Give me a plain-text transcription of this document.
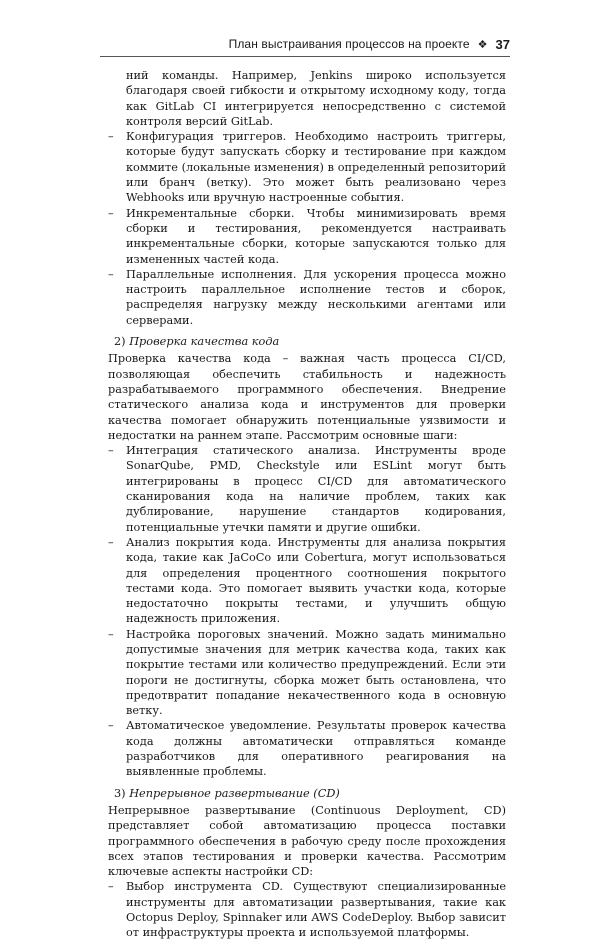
План выстраивания процессов на проекте ❖ 37
ний команды. Например, Jenkins широко используется благодаря своей гибкости и открытому исходному коду, тогда как GitLab CI интегрируется непосредственно с системой контроля версий GitLab.
– Конфигурация триггеров. Необходимо настроить триггеры, которые будут запускать сборку и тестирование при каждом коммите (локальные изменения) в определенный репозиторий или бранч (ветку). Это может быть реализовано через Webhooks или вручную настроенные события.
– Инкрементальные сборки. Чтобы минимизировать время сборки и тестирования, рекомендуется настраивать инкрементальные сборки, которые запускаются только для измененных частей кода.
– Параллельные исполнения. Для ускорения процесса можно настроить параллельное исполнение тестов и сборок, распределяя нагрузку между несколькими агентами или серверами.
2) Проверка качества кода

Проверка качества кода – важная часть процесса CI/CD, позволяющая обеспечить стабильность и надежность разрабатываемого программного обеспечения. Внедрение статического анализа кода и инструментов для проверки качества помогает обнаружить потенциальные уязвимости и недостатки на раннем этапе. Рассмотрим основные шаги:

– Интеграция статического анализа. Инструменты вроде SonarQube, PMD, Checkstyle или ESLint могут быть интегрированы в процесс CI/CD для автоматического сканирования кода на наличие проблем, таких как дублирование, нарушение стандартов кодирования, потенциальные утечки памяти и другие ошибки.
– Анализ покрытия кода. Инструменты для анализа покрытия кода, такие как JaCoCo или Cobertura, могут использоваться для определения процентного соотношения покрытого тестами кода. Это помогает выявить участки кода, которые недостаточно покрыты тестами, и улучшить общую надежность приложения.
– Настройка пороговых значений. Можно задать минимально допустимые значения для метрик качества кода, таких как покрытие тестами или количество предупреждений. Если эти пороги не достигнуты, сборка может быть остановлена, что предотвратит попадание некачественного кода в основную ветку.
– Автоматическое уведомление. Результаты проверок качества кода должны автоматически отправляться команде разработчиков для оперативного реагирования на выявленные проблемы.
3) Непрерывное развертывание (CD)

Непрерывное развертывание (Continuous Deployment, CD) представляет собой автоматизацию процесса поставки программного обеспечения в рабочую среду после прохождения всех этапов тестирования и проверки качества. Рассмотрим ключевые аспекты настройки CD:

– Выбор инструмента CD. Существуют специализированные инструменты для автоматизации развертывания, такие как Octopus Deploy, Spinnaker или AWS CodeDeploy. Выбор зависит от инфраструктуры проекта и используемой платформы.
